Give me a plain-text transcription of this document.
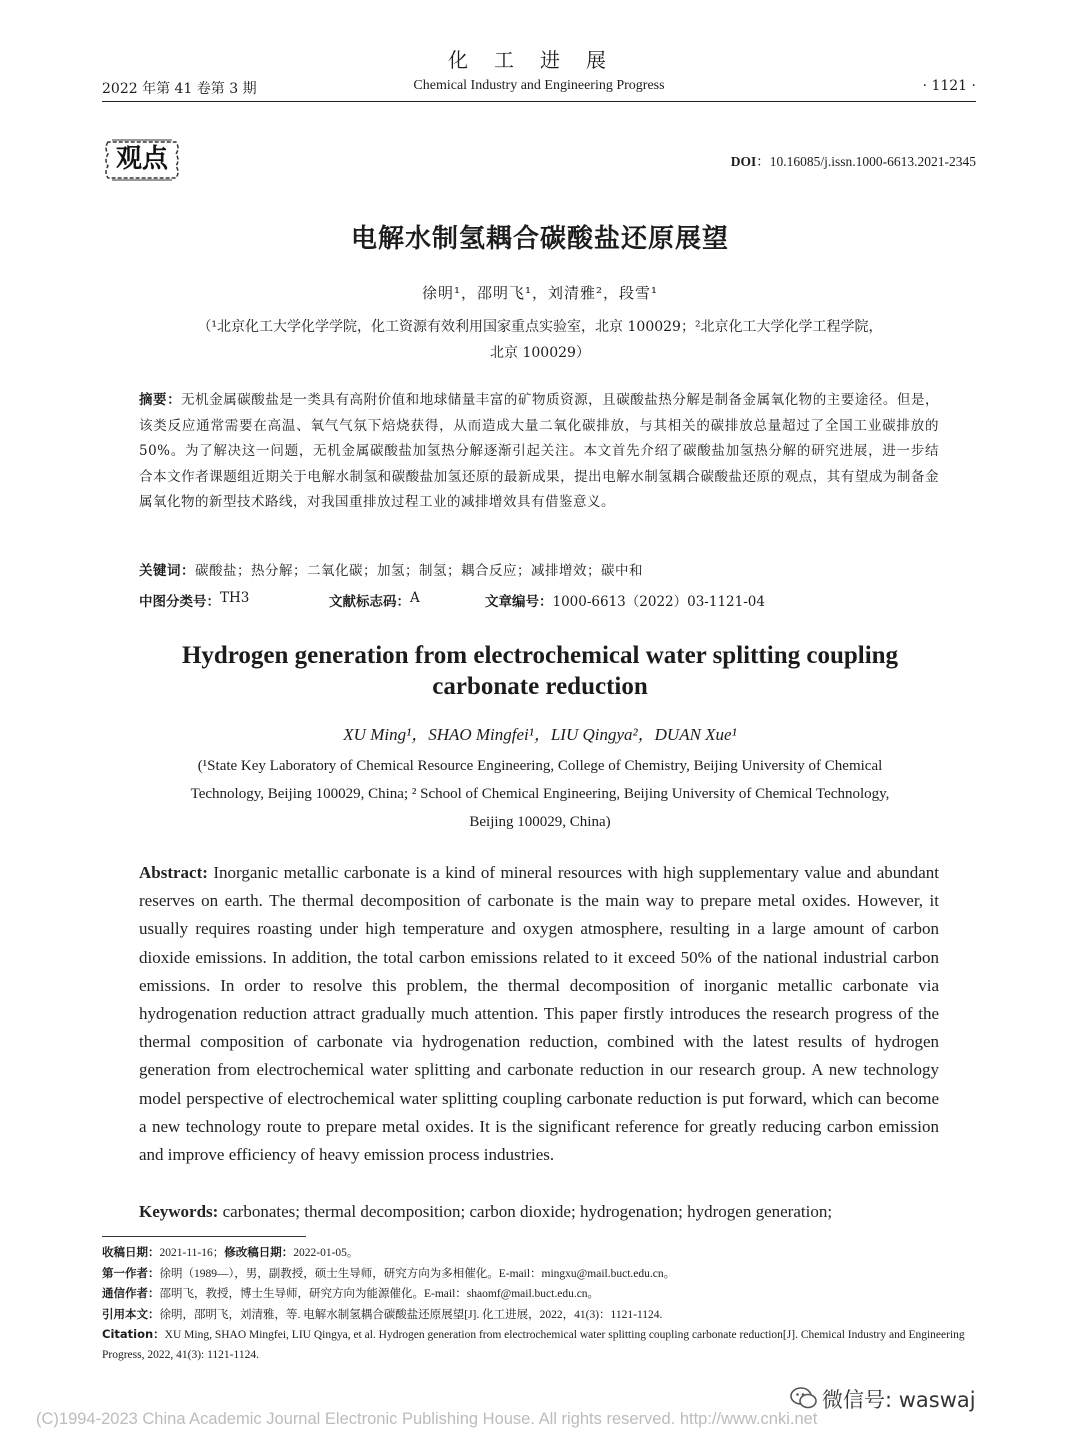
化工进展
2022 年第 41 卷第 3 期	Chemical Industry and Engineering Progress	· 1121 ·
观点	DOI：10.16085/j.issn.1000-6613.2021-2345
电解水制氢耦合碳酸盐还原展望
徐明¹，邵明飞¹，刘清雅²，段雪¹
（¹北京化工大学化学学院，化工资源有效利用国家重点实验室，北京 100029；²北京化工大学化学工程学院，
北京 100029）
摘要：无机金属碳酸盐是一类具有高附价值和地球储量丰富的矿物质资源，且碳酸盐热分解是制备金属氧化物的主要途径。但是，该类反应通常需要在高温、氧气气氛下焙烧获得，从而造成大量二氧化碳排放，与其相关的碳排放总量超过了全国工业碳排放的50%。为了解决这一问题，无机金属碳酸盐加氢热分解逐渐引起关注。本文首先介绍了碳酸盐加氢热分解的研究进展，进一步结合本文作者课题组近期关于电解水制氢和碳酸盐加氢还原的最新成果，提出电解水制氢耦合碳酸盐还原的观点，其有望成为制备金属氧化物的新型技术路线，对我国重排放过程工业的减排增效具有借鉴意义。
关键词：碳酸盐；热分解；二氧化碳；加氢；制氢；耦合反应；减排增效；碳中和
中图分类号： TH3	文献标志码： A	文章编号： 1000-6613（2022）03-1121-04
Hydrogen generation from electrochemical water splitting coupling
carbonate reduction
XU Ming¹，SHAO Mingfei¹，LIU Qingya²，DUAN Xue¹
(¹State Key Laboratory of Chemical Resource Engineering, College of Chemistry, Beijing University of Chemical
Technology, Beijing 100029, China; ² School of Chemical Engineering, Beijing University of Chemical Technology,
Beijing 100029, China)
Abstract: Inorganic metallic carbonate is a kind of mineral resources with high supplementary value and abundant reserves on earth. The thermal decomposition of carbonate is the main way to prepare metal oxides. However, it usually requires roasting under high temperature and oxygen atmosphere, resulting in a large amount of carbon dioxide emissions. In addition, the total carbon emissions related to it exceed 50% of the national industrial carbon emissions. In order to resolve this problem, the thermal decomposition of inorganic metallic carbonate via hydrogenation reduction attract gradually much attention. This paper firstly introduces the research progress of the thermal composition of carbonate via hydrogenation reduction, combined with the latest results of hydrogen generation from electrochemical water splitting and carbonate reduction in our research group. A new technology model perspective of electrochemical water splitting coupling carbonate reduction is put forward, which can become a new technology route to prepare metal oxides. It is the significant reference for greatly reducing carbon emission and improve efficiency of heavy emission process industries.
Keywords: carbonates; thermal decomposition; carbon dioxide; hydrogenation; hydrogen generation;
收稿日期：2021-11-16；修改稿日期：2022-01-05。
第一作者：徐明（1989—），男，副教授，硕士生导师，研究方向为多相催化。E-mail：mingxu@mail.buct.edu.cn。
通信作者：邵明飞，教授，博士生导师，研究方向为能源催化。E-mail：shaomf@mail.buct.edu.cn。
引用本文：徐明，邵明飞，刘清雅，等. 电解水制氢耦合碳酸盐还原展望[J]. 化工进展，2022，41(3)：1121-1124.
Citation：XU Ming, SHAO Mingfei, LIU Qingya, et al. Hydrogen generation from electrochemical water splitting coupling carbonate reduction[J]. Chemical Industry and Engineering Progress, 2022, 41(3): 1121-1124.
微信号: waswaj
(C)1994-2023 China Academic Journal Electronic Publishing House. All rights reserved. http://www.cnki.net
